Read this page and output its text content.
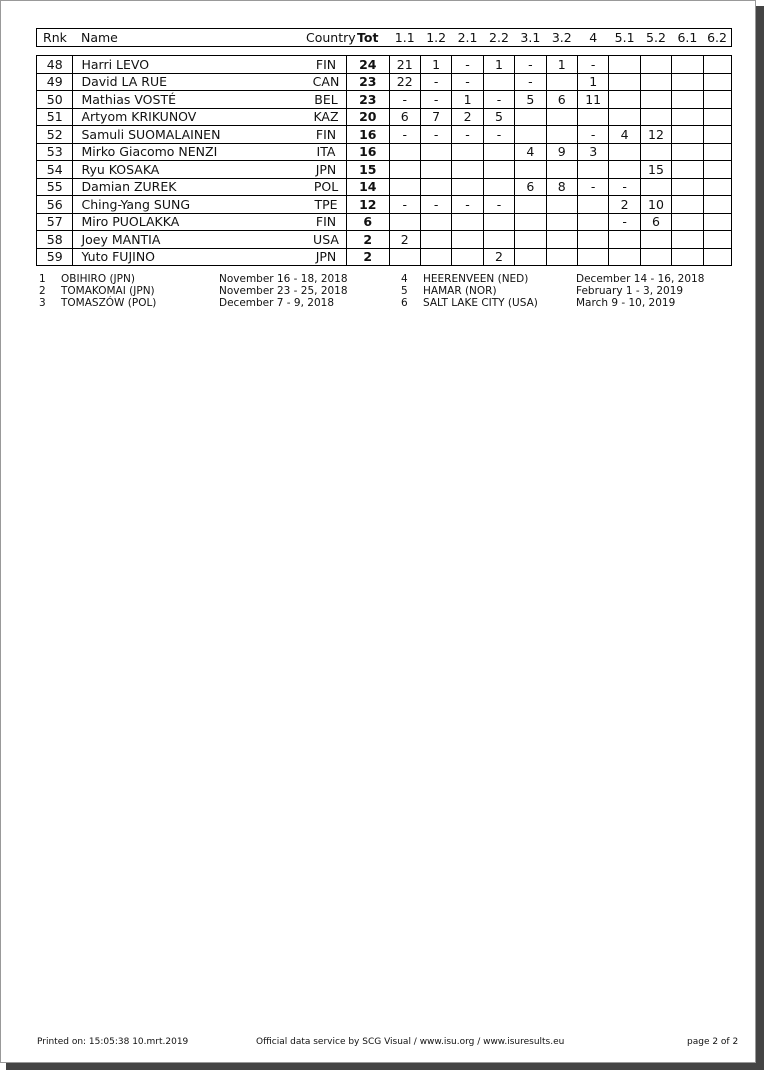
Rnk	Name	Country	Tot	1.1	1.2	2.1	2.2	3.1	3.2	4	5.1	5.2	6.1	6.2
48	Harri LEVO	FIN	24	21	1	-	1	-	1	-				
49	David LA RUE	CAN	23	22	-	-		-		1				
50	Mathias VOSTÉ	BEL	23	-	-	1	-	5	6	11				
51	Artyom KRIKUNOV	KAZ	20	6	7	2	5							
52	Samuli SUOMALAINEN	FIN	16	-	-	-	-			-	4	12		
53	Mirko Giacomo NENZI	ITA	16					4	9	3				
54	Ryu KOSAKA	JPN	15									15		
55	Damian ZUREK	POL	14					6	8	-	-			
56	Ching-Yang SUNG	TPE	12	-	-	-	-				2	10		
57	Miro PUOLAKKA	FIN	6								-	6		
58	Joey MANTIA	USA	2	2										
59	Yuto FUJINO	JPN	2				2							
1 OBIHIRO (JPN)	November 16 - 18, 2018
2 TOMAKOMAI (JPN)	November 23 - 25, 2018
3 TOMASZÓW (POL)	December 7 - 9, 2018
4 HEERENVEEN (NED)	December 14 - 16, 2018
5 HAMAR (NOR)	February 1 - 3, 2019
6 SALT LAKE CITY (USA)	March 9 - 10, 2019
Printed on: 15:05:38 10.mrt.2019	Official data service by SCG Visual / www.isu.org / www.isuresults.eu	page 2 of 2
